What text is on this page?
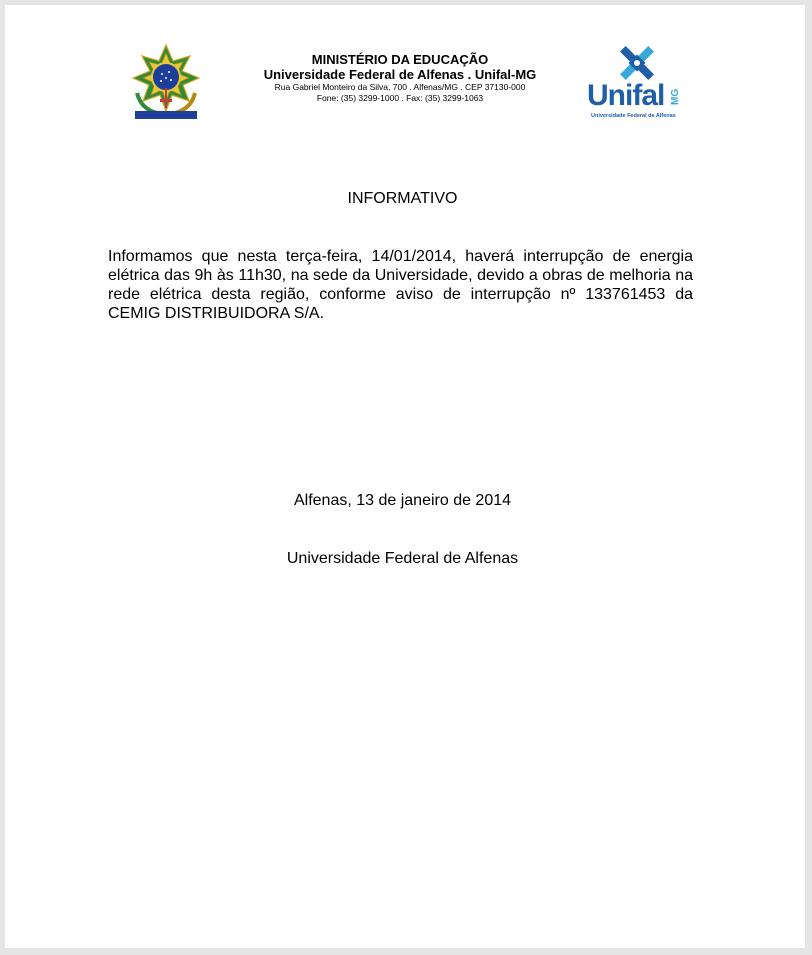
MINISTÉRIO DA EDUCAÇÃO
Universidade Federal de Alfenas . Unifal-MG
Rua Gabriel Monteiro da Silva, 700 . Alfenas/MG . CEP 37130-000
Fone: (35) 3299-1000 . Fax: (35) 3299-1063	Unifal MG
Universidade Federal de Alfenas
INFORMATIVO
Informamos que nesta terça-feira, 14/01/2014, haverá interrupção de energia elétrica das 9h às 11h30, na sede da Universidade, devido a obras de melhoria na rede elétrica desta região, conforme aviso de interrupção nº 133761453 da CEMIG DISTRIBUIDORA S/A.
Alfenas, 13 de janeiro de 2014
Universidade Federal de Alfenas
